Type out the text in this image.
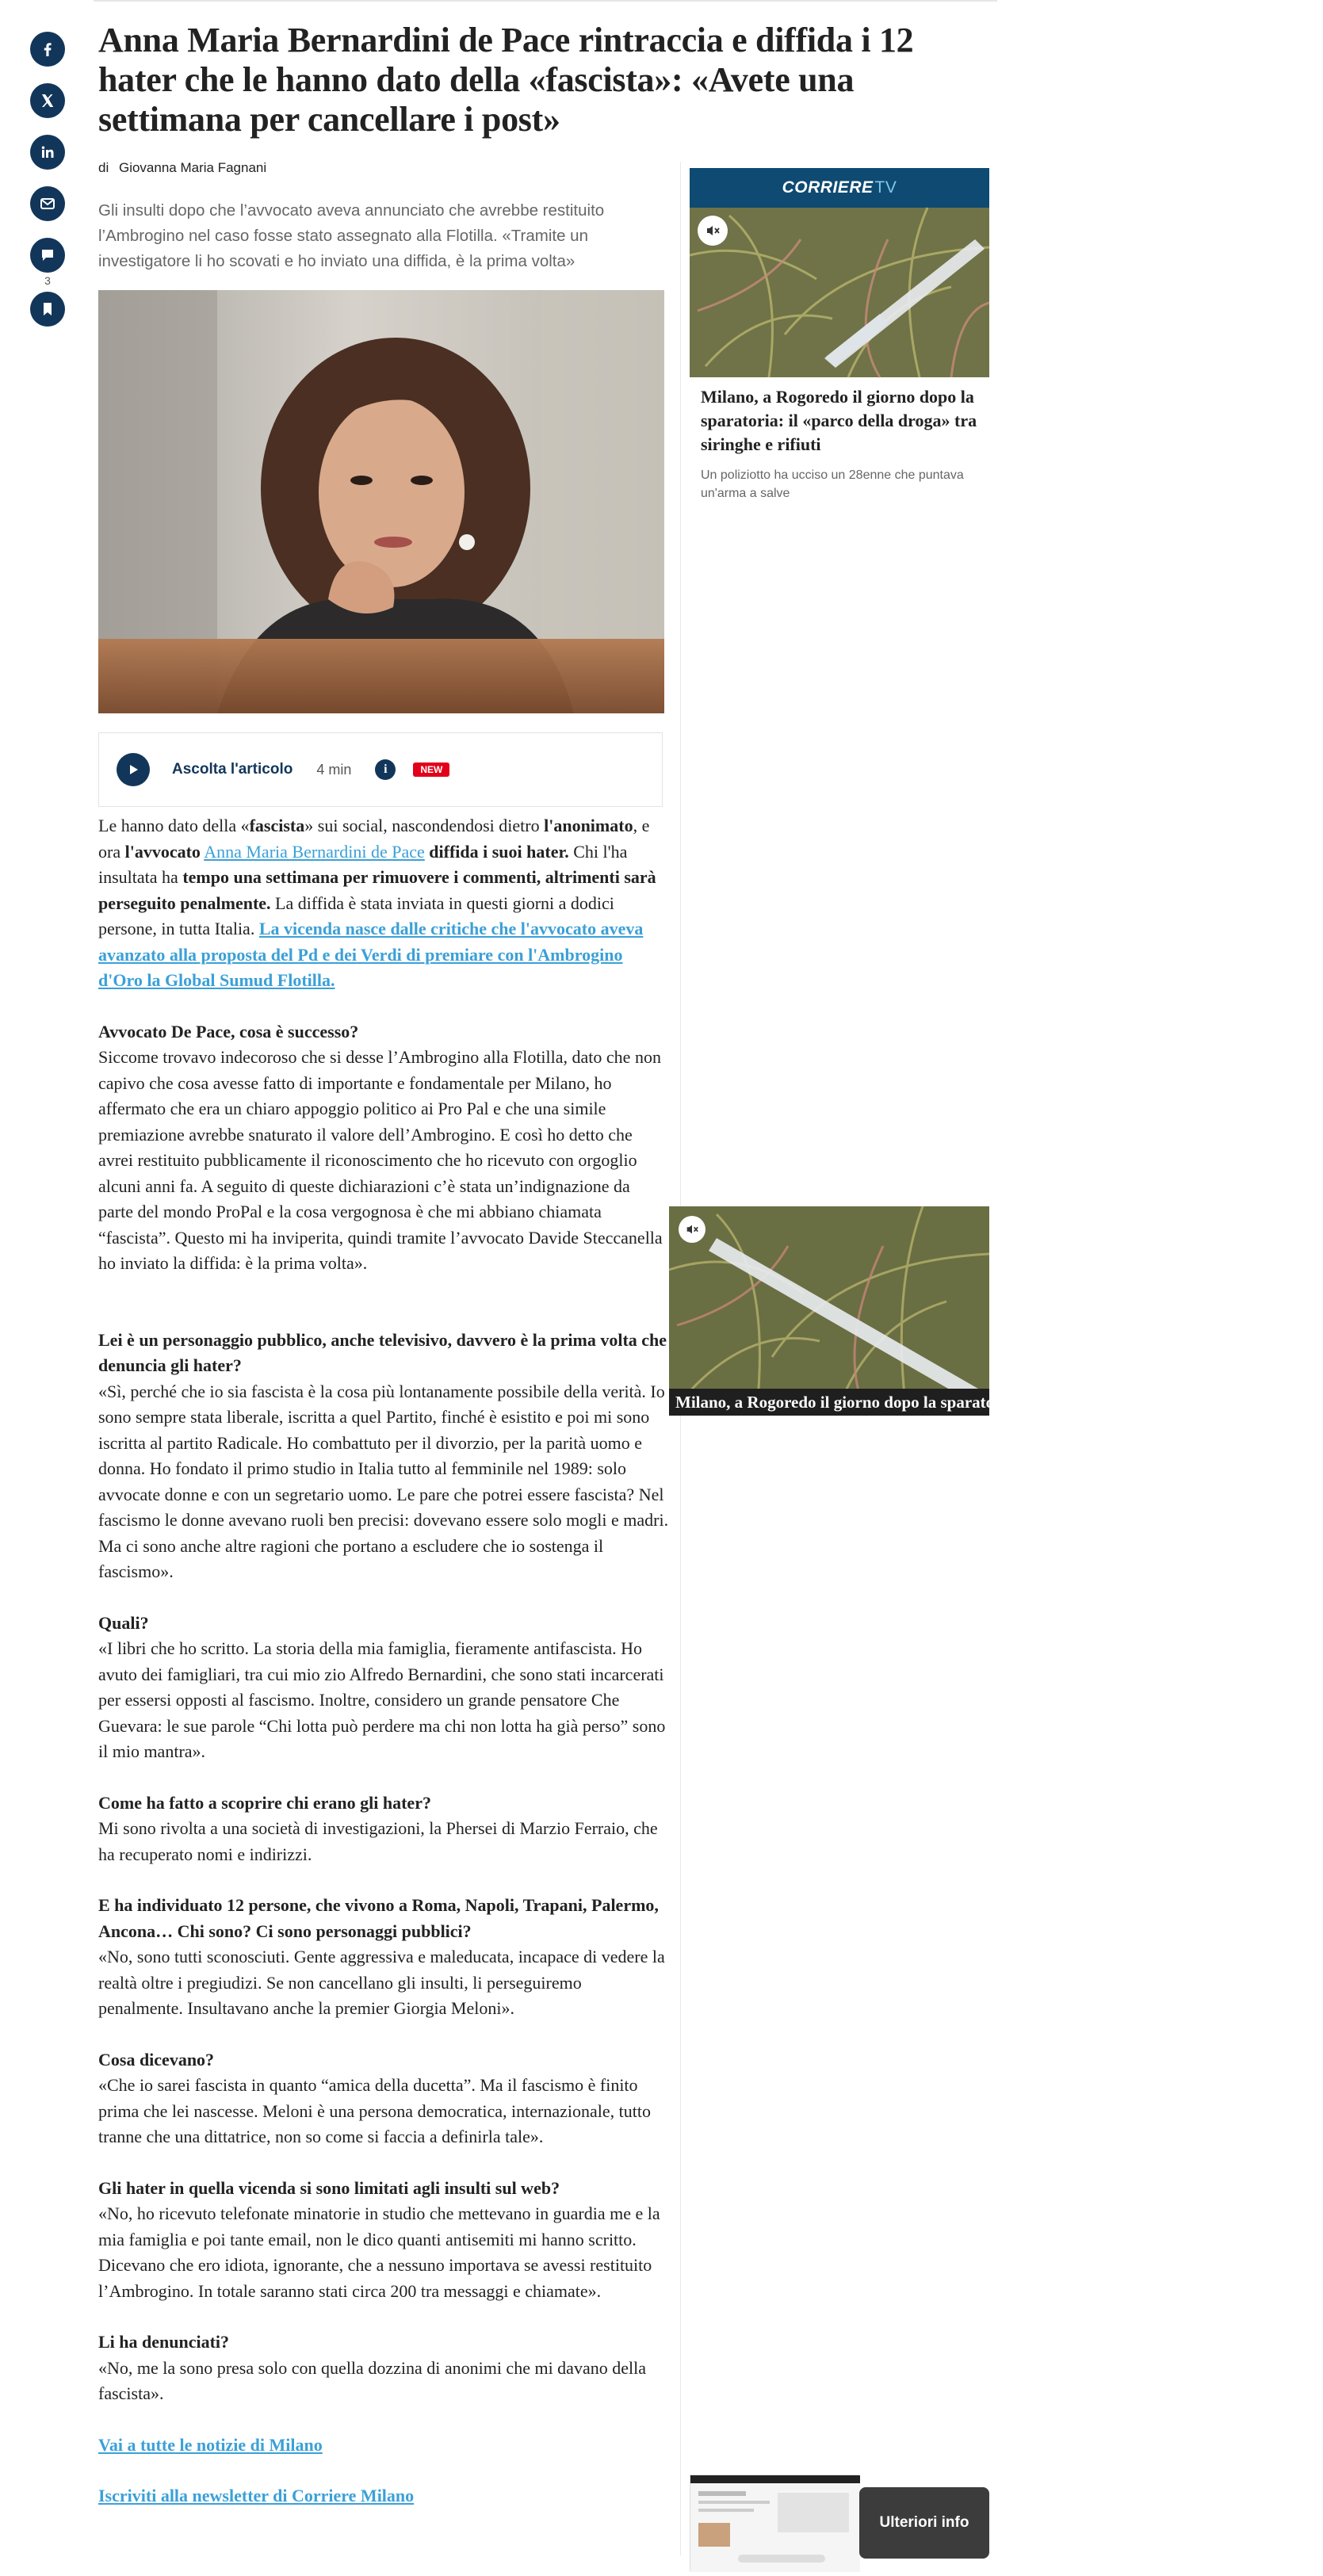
3
Anna Maria Bernardini de Pace rintraccia e diffida i 12 hater che le hanno dato della «fascista»: «Avete una settimana per cancellare i post»
di Giovanna Maria Fagnani

Gli insulti dopo che l’avvocato aveva annunciato che avrebbe restituito l’Ambrogino nel caso fosse stato assegnato alla Flotilla. «Tramite un investigatore li ho scovati e ho inviato una diffida, è la prima volta»

Ascolta l'articolo 4 min	i	NEW

Le hanno dato della «fascista» sui social, nascondendosi dietro l'anonimato, e ora l'avvocato Anna Maria Bernardini de Pace diffida i suoi hater. Chi l'ha insultata ha tempo una settimana per rimuovere i commenti, altrimenti sarà perseguito penalmente. La diffida è stata inviata in questi giorni a dodici persone, in tutta Italia. La vicenda nasce dalle critiche che l'avvocato aveva avanzato alla proposta del Pd e dei Verdi di premiare con l'Ambrogino d'Oro la Global Sumud Flotilla.

Avvocato De Pace, cosa è successo?
Siccome trovavo indecoroso che si desse l’Ambrogino alla Flotilla, dato che non capivo che cosa avesse fatto di importante e fondamentale per Milano, ho affermato che era un chiaro appoggio politico ai Pro Pal e che una simile premiazione avrebbe snaturato il valore dell’Ambrogino. E così ho detto che avrei restituito pubblicamente il riconoscimento che ho ricevuto con orgoglio alcuni anni fa. A seguito di queste dichiarazioni c’è stata un’indignazione da parte del mondo ProPal e la cosa vergognosa è che mi abbiano chiamata “fascista”. Questo mi ha inviperita, quindi tramite l’avvocato Davide Steccanella ho inviato la diffida: è la prima volta».

Lei è un personaggio pubblico, anche televisivo, davvero è la prima volta che denuncia gli hater?
«Sì, perché che io sia fascista è la cosa più lontanamente possibile della verità. Io sono sempre stata liberale, iscritta a quel Partito, finché è esistito e poi mi sono iscritta al partito Radicale. Ho combattuto per il divorzio, per la parità uomo e donna. Ho fondato il primo studio in Italia tutto al femminile nel 1989: solo avvocate donne e con un segretario uomo. Le pare che potrei essere fascista? Nel fascismo le donne avevano ruoli ben precisi: dovevano essere solo mogli e madri. Ma ci sono anche altre ragioni che portano a escludere che io sostenga il fascismo».

Quali?
«I libri che ho scritto. La storia della mia famiglia, fieramente antifascista. Ho avuto dei famigliari, tra cui mio zio Alfredo Bernardini, che sono stati incarcerati per essersi opposti al fascismo. Inoltre, considero un grande pensatore Che Guevara: le sue parole “Chi lotta può perdere ma chi non lotta ha già perso” sono il mio mantra».

Come ha fatto a scoprire chi erano gli hater?
Mi sono rivolta a una società di investigazioni, la Phersei di Marzio Ferraio, che ha recuperato nomi e indirizzi.

E ha individuato 12 persone, che vivono a Roma, Napoli, Trapani, Palermo, Ancona… Chi sono? Ci sono personaggi pubblici?
«No, sono tutti sconosciuti. Gente aggressiva e maleducata, incapace di vedere la realtà oltre i pregiudizi. Se non cancellano gli insulti, li perseguiremo penalmente. Insultavano anche la premier Giorgia Meloni».

Cosa dicevano?
«Che io sarei fascista in quanto “amica della ducetta”. Ma il fascismo è finito prima che lei nascesse. Meloni è una persona democratica, internazionale, tutto tranne che una dittatrice, non so come si faccia a definirla tale».

Gli hater in quella vicenda si sono limitati agli insulti sul web?
«No, ho ricevuto telefonate minatorie in studio che mettevano in guardia me e la mia famiglia e poi tante email, non le dico quanti antisemiti mi hanno scritto. Dicevano che ero idiota, ignorante, che a nessuno importava se avessi restituito l’Ambrogino. In totale saranno stati circa 200 tra messaggi e chiamate».

Li ha denunciati?
«No, me la sono presa solo con quella dozzina di anonimi che mi davano della fascista».

Vai a tutte le notizie di Milano

Iscriviti alla newsletter di Corriere Milano

CORRIERETV

Milano, a Rogoredo il giorno dopo la sparatoria: il «parco della droga» tra siringhe e rifiuti

Un poliziotto ha ucciso un 28enne che puntava un'arma a salve

Milano, a Rogoredo il giorno dopo la sparatoria: il «parco della droga» tra siringhe e rifiuti
Ulteriori info
